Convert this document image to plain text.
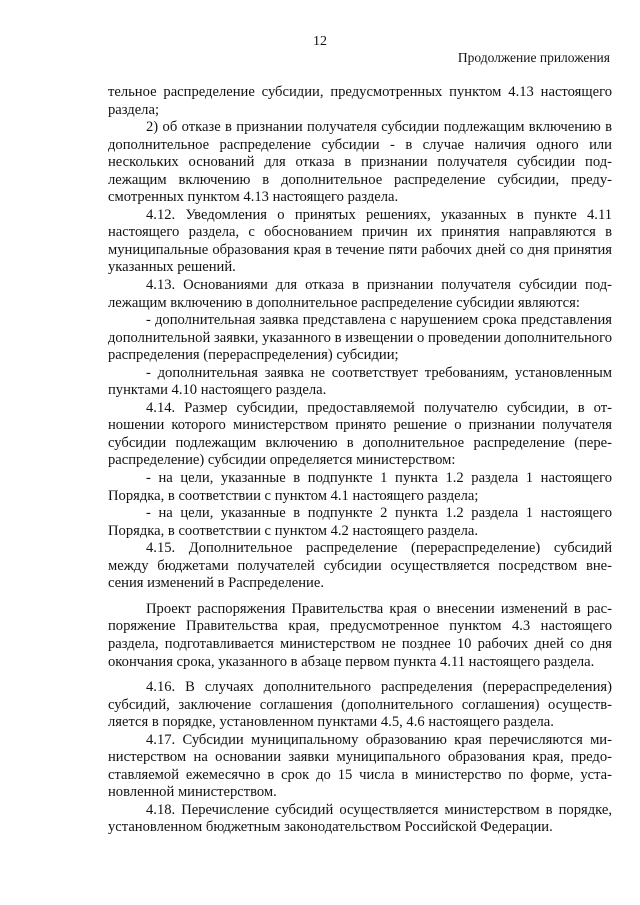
12
Продолжение приложения

тельное распределение субсидии, предусмотренных пунктом 4.13 настоящего раздела;

2) об отказе в признании получателя субсидии подлежащим включению в дополнительное распределение субсидии - в случае наличия одного или нескольких оснований для отказа в признании получателя субсидии подлежащим включению в дополнительное распределение субсидии, предусмотренных пунктом 4.13 настоящего раздела.

4.12. Уведомления о принятых решениях, указанных в пункте 4.11 настоящего раздела, с обоснованием причин их принятия направляются в муниципальные образования края в течение пяти рабочих дней со дня принятия указанных решений.

4.13. Основаниями для отказа в признании получателя субсидии подлежащим включению в дополнительное распределение субсидии являются:

- дополнительная заявка представлена с нарушением срока представления дополнительной заявки, указанного в извещении о проведении дополнительного распределения (перераспределения) субсидии;

- дополнительная заявка не соответствует требованиям, установленным пунктами 4.10 настоящего раздела.

4.14. Размер субсидии, предоставляемой получателю субсидии, в отношении которого министерством принято решение о признании получателя субсидии подлежащим включению в дополнительное распределение (перераспределение) субсидии определяется министерством:

- на цели, указанные в подпункте 1 пункта 1.2 раздела 1 настоящего Порядка, в соответствии с пунктом 4.1 настоящего раздела;

- на цели, указанные в подпункте 2 пункта 1.2 раздела 1 настоящего Порядка, в соответствии с пунктом 4.2 настоящего раздела.

4.15. Дополнительное распределение (перераспределение) субсидий между бюджетами получателей субсидии осуществляется посредством внесения изменений в Распределение.

Проект распоряжения Правительства края о внесении изменений в распоряжение Правительства края, предусмотренное пунктом 4.3 настоящего раздела, подготавливается министерством не позднее 10 рабочих дней со дня окончания срока, указанного в абзаце первом пункта 4.11 настоящего раздела.

4.16. В случаях дополнительного распределения (перераспределения) субсидий, заключение соглашения (дополнительного соглашения) осуществляется в порядке, установленном пунктами 4.5, 4.6 настоящего раздела.

4.17. Субсидии муниципальному образованию края перечисляются министерством на основании заявки муниципального образования края, предоставляемой ежемесячно в срок до 15 числа в министерство по форме, установленной министерством.

4.18. Перечисление субсидий осуществляется министерством в порядке, установленном бюджетным законодательством Российской Федерации.
